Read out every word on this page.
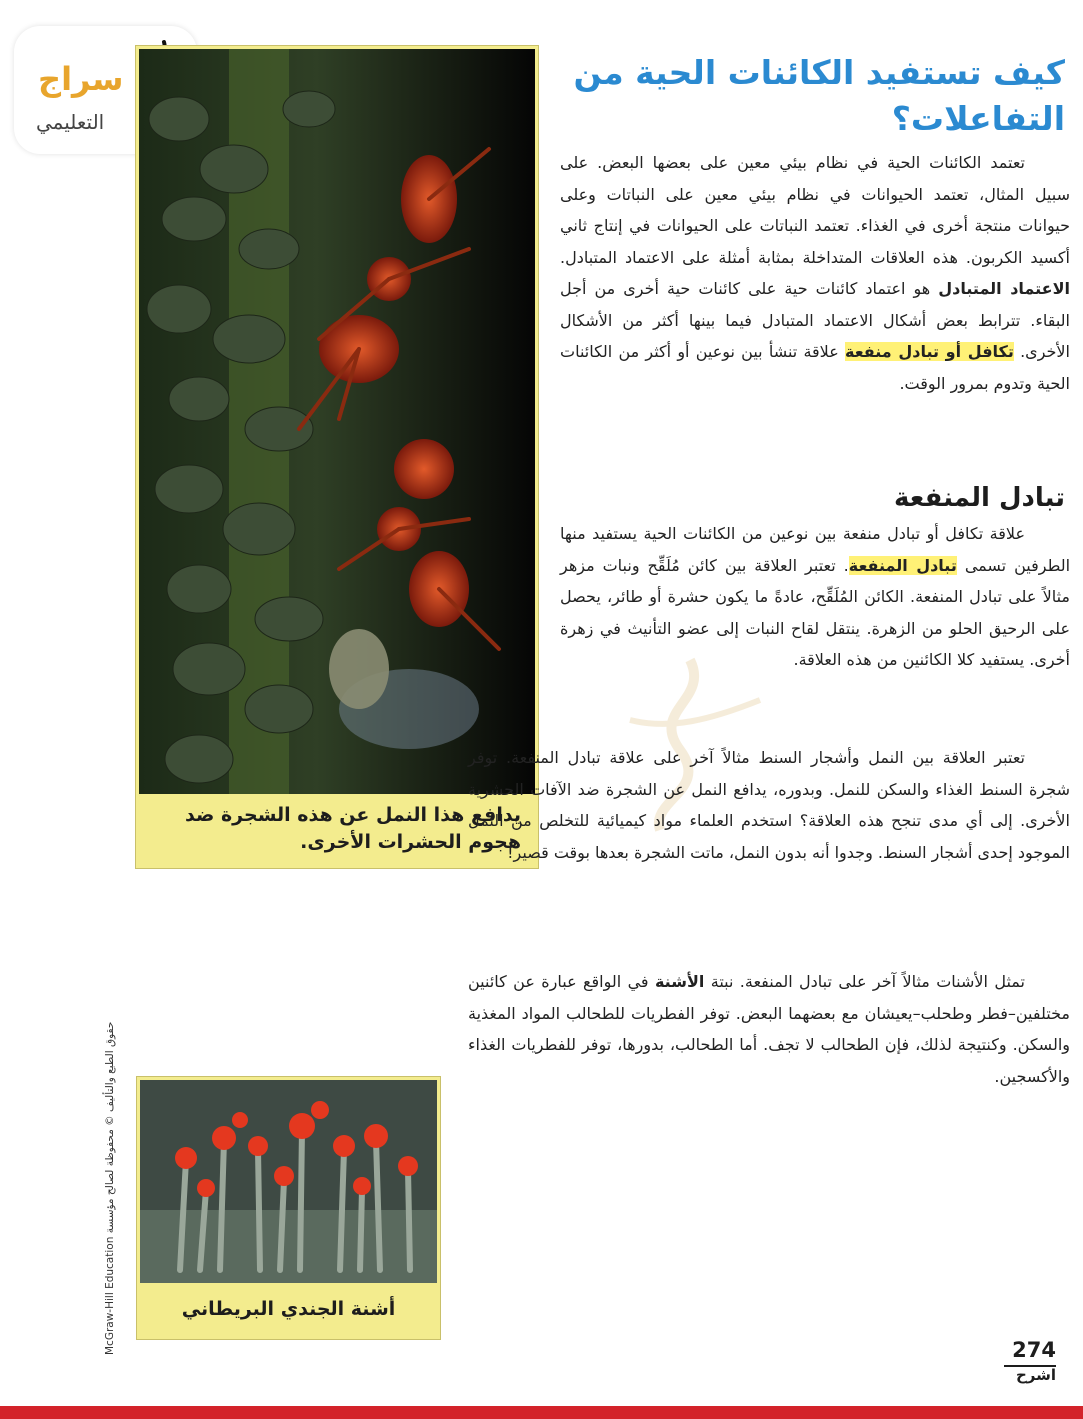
سراج
التعليمي
يدافع هذا النمل عن هذه الشجرة ضد هجوم الحشرات الأخرى.
أشنة الجندي البريطاني
حقوق الطبع والتأليف © محفوظة لصالح مؤسسة McGraw-Hill Education
كيف تستفيد الكائنات الحية من التفاعلات؟
تعتمد الكائنات الحية في نظام بيئي معين على بعضها البعض. على سبيل المثال، تعتمد الحيوانات في نظام بيئي معين على النباتات وعلى حيوانات منتجة أخرى في الغذاء. تعتمد النباتات على الحيوانات في إنتاج ثاني أكسيد الكربون. هذه العلاقات المتداخلة بمثابة أمثلة على الاعتماد المتبادل. الاعتماد المتبادل هو اعتماد كائنات حية على كائنات حية أخرى من أجل البقاء. تترابط بعض أشكال الاعتماد المتبادل فيما بينها أكثر من الأشكال الأخرى. تكافل أو تبادل منفعة علاقة تنشأ بين نوعين أو أكثر من الكائنات الحية وتدوم بمرور الوقت.
تبادل المنفعة
علاقة تكافل أو تبادل منفعة بين نوعين من الكائنات الحية يستفيد منها الطرفين تسمى تبادل المنفعة. تعتبر العلاقة بين كائن مُلَقِّح ونبات مزهر مثالاً على تبادل المنفعة. الكائن المُلَقِّح، عادةً ما يكون حشرة أو طائر، يحصل على الرحيق الحلو من الزهرة. ينتقل لقاح النبات إلى عضو التأنيث في زهرة أخرى. يستفيد كلا الكائنين من هذه العلاقة.
تعتبر العلاقة بين النمل وأشجار السنط مثالاً آخر على علاقة تبادل المنفعة. توفر شجرة السنط الغذاء والسكن للنمل. وبدوره، يدافع النمل عن الشجرة ضد الآفات الحشرية الأخرى. إلى أي مدى تنجح هذه العلاقة؟ استخدم العلماء مواد كيميائية للتخلص من النمل الموجود إحدى أشجار السنط. وجدوا أنه بدون النمل، ماتت الشجرة بعدها بوقت قصير!
تمثل الأشنات مثالاً آخر على تبادل المنفعة. نبتة الأشنة في الواقع عبارة عن كائنين مختلفين–فطر وطحلب–يعيشان مع بعضهما البعض. توفر الفطريات للطحالب المواد المغذية والسكن. وكنتيجة لذلك، فإن الطحالب لا تجف. أما الطحالب، بدورها، توفر للفطريات الغذاء والأكسجين.
274
اشرح
